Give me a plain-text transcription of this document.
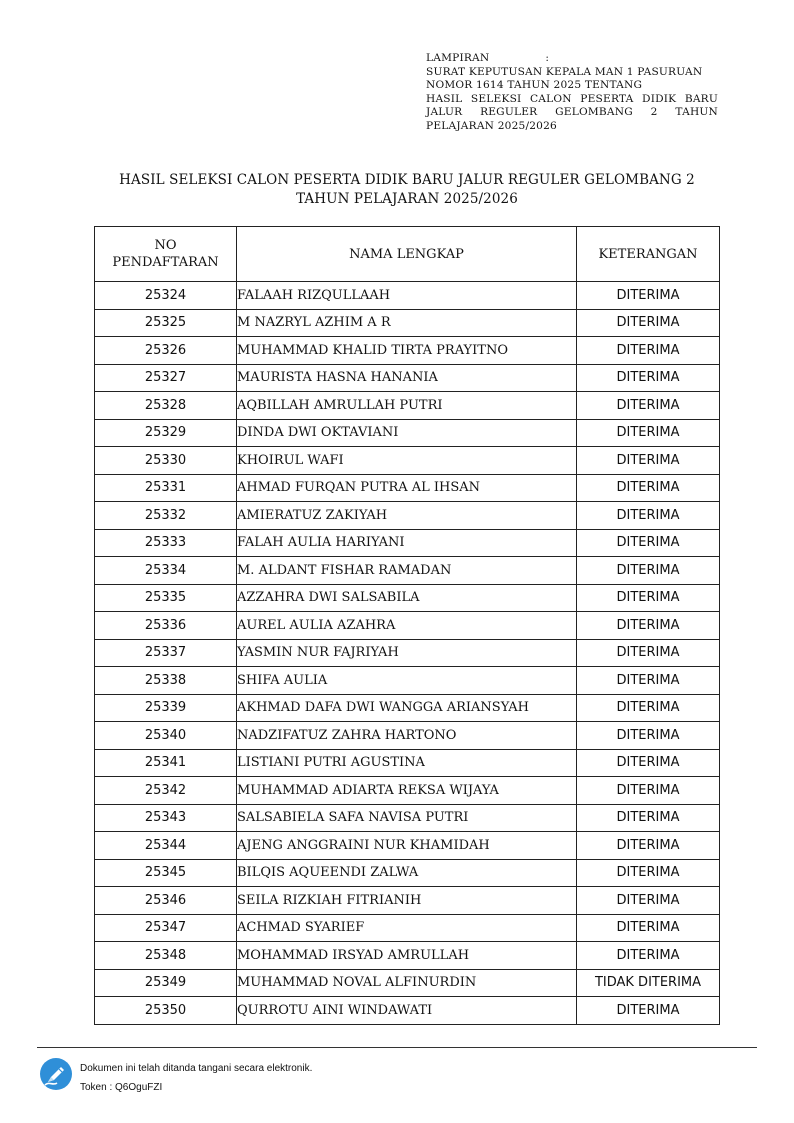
LAMPIRAN	:
SURAT KEPUTUSAN KEPALA MAN 1 PASURUAN
NOMOR 1614 TAHUN 2025 TENTANG
HASIL SELEKSI CALON PESERTA DIDIK BARU
JALUR REGULER GELOMBANG 2 TAHUN
PELAJARAN 2025/2026
HASIL SELEKSI CALON PESERTA DIDIK BARU JALUR REGULER GELOMBANG 2
TAHUN PELAJARAN 2025/2026
NO
PENDAFTARAN	NAMA LENGKAP	KETERANGAN
25324	FALAAH RIZQULLAAH	DITERIMA
25325	M NAZRYL AZHIM A R	DITERIMA
25326	MUHAMMAD KHALID TIRTA PRAYITNO	DITERIMA
25327	MAURISTA HASNA HANANIA	DITERIMA
25328	AQBILLAH AMRULLAH PUTRI	DITERIMA
25329	DINDA DWI OKTAVIANI	DITERIMA
25330	KHOIRUL WAFI	DITERIMA
25331	AHMAD FURQAN PUTRA AL IHSAN	DITERIMA
25332	AMIERATUZ ZAKIYAH	DITERIMA
25333	FALAH AULIA HARIYANI	DITERIMA
25334	M. ALDANT FISHAR RAMADAN	DITERIMA
25335	AZZAHRA DWI SALSABILA	DITERIMA
25336	AUREL AULIA AZAHRA	DITERIMA
25337	YASMIN NUR FAJRIYAH	DITERIMA
25338	SHIFA AULIA	DITERIMA
25339	AKHMAD DAFA DWI WANGGA ARIANSYAH	DITERIMA
25340	NADZIFATUZ ZAHRA HARTONO	DITERIMA
25341	LISTIANI PUTRI AGUSTINA	DITERIMA
25342	MUHAMMAD ADIARTA REKSA WIJAYA	DITERIMA
25343	SALSABIELA SAFA NAVISA PUTRI	DITERIMA
25344	AJENG ANGGRAINI NUR KHAMIDAH	DITERIMA
25345	BILQIS AQUEENDI ZALWA	DITERIMA
25346	SEILA RIZKIAH FITRIANIH	DITERIMA
25347	ACHMAD SYARIEF	DITERIMA
25348	MOHAMMAD IRSYAD AMRULLAH	DITERIMA
25349	MUHAMMAD NOVAL ALFINURDIN	TIDAK DITERIMA
25350	QURROTU AINI WINDAWATI	DITERIMA
Dokumen ini telah ditanda tangani secara elektronik.
Token : Q6OguFZI
